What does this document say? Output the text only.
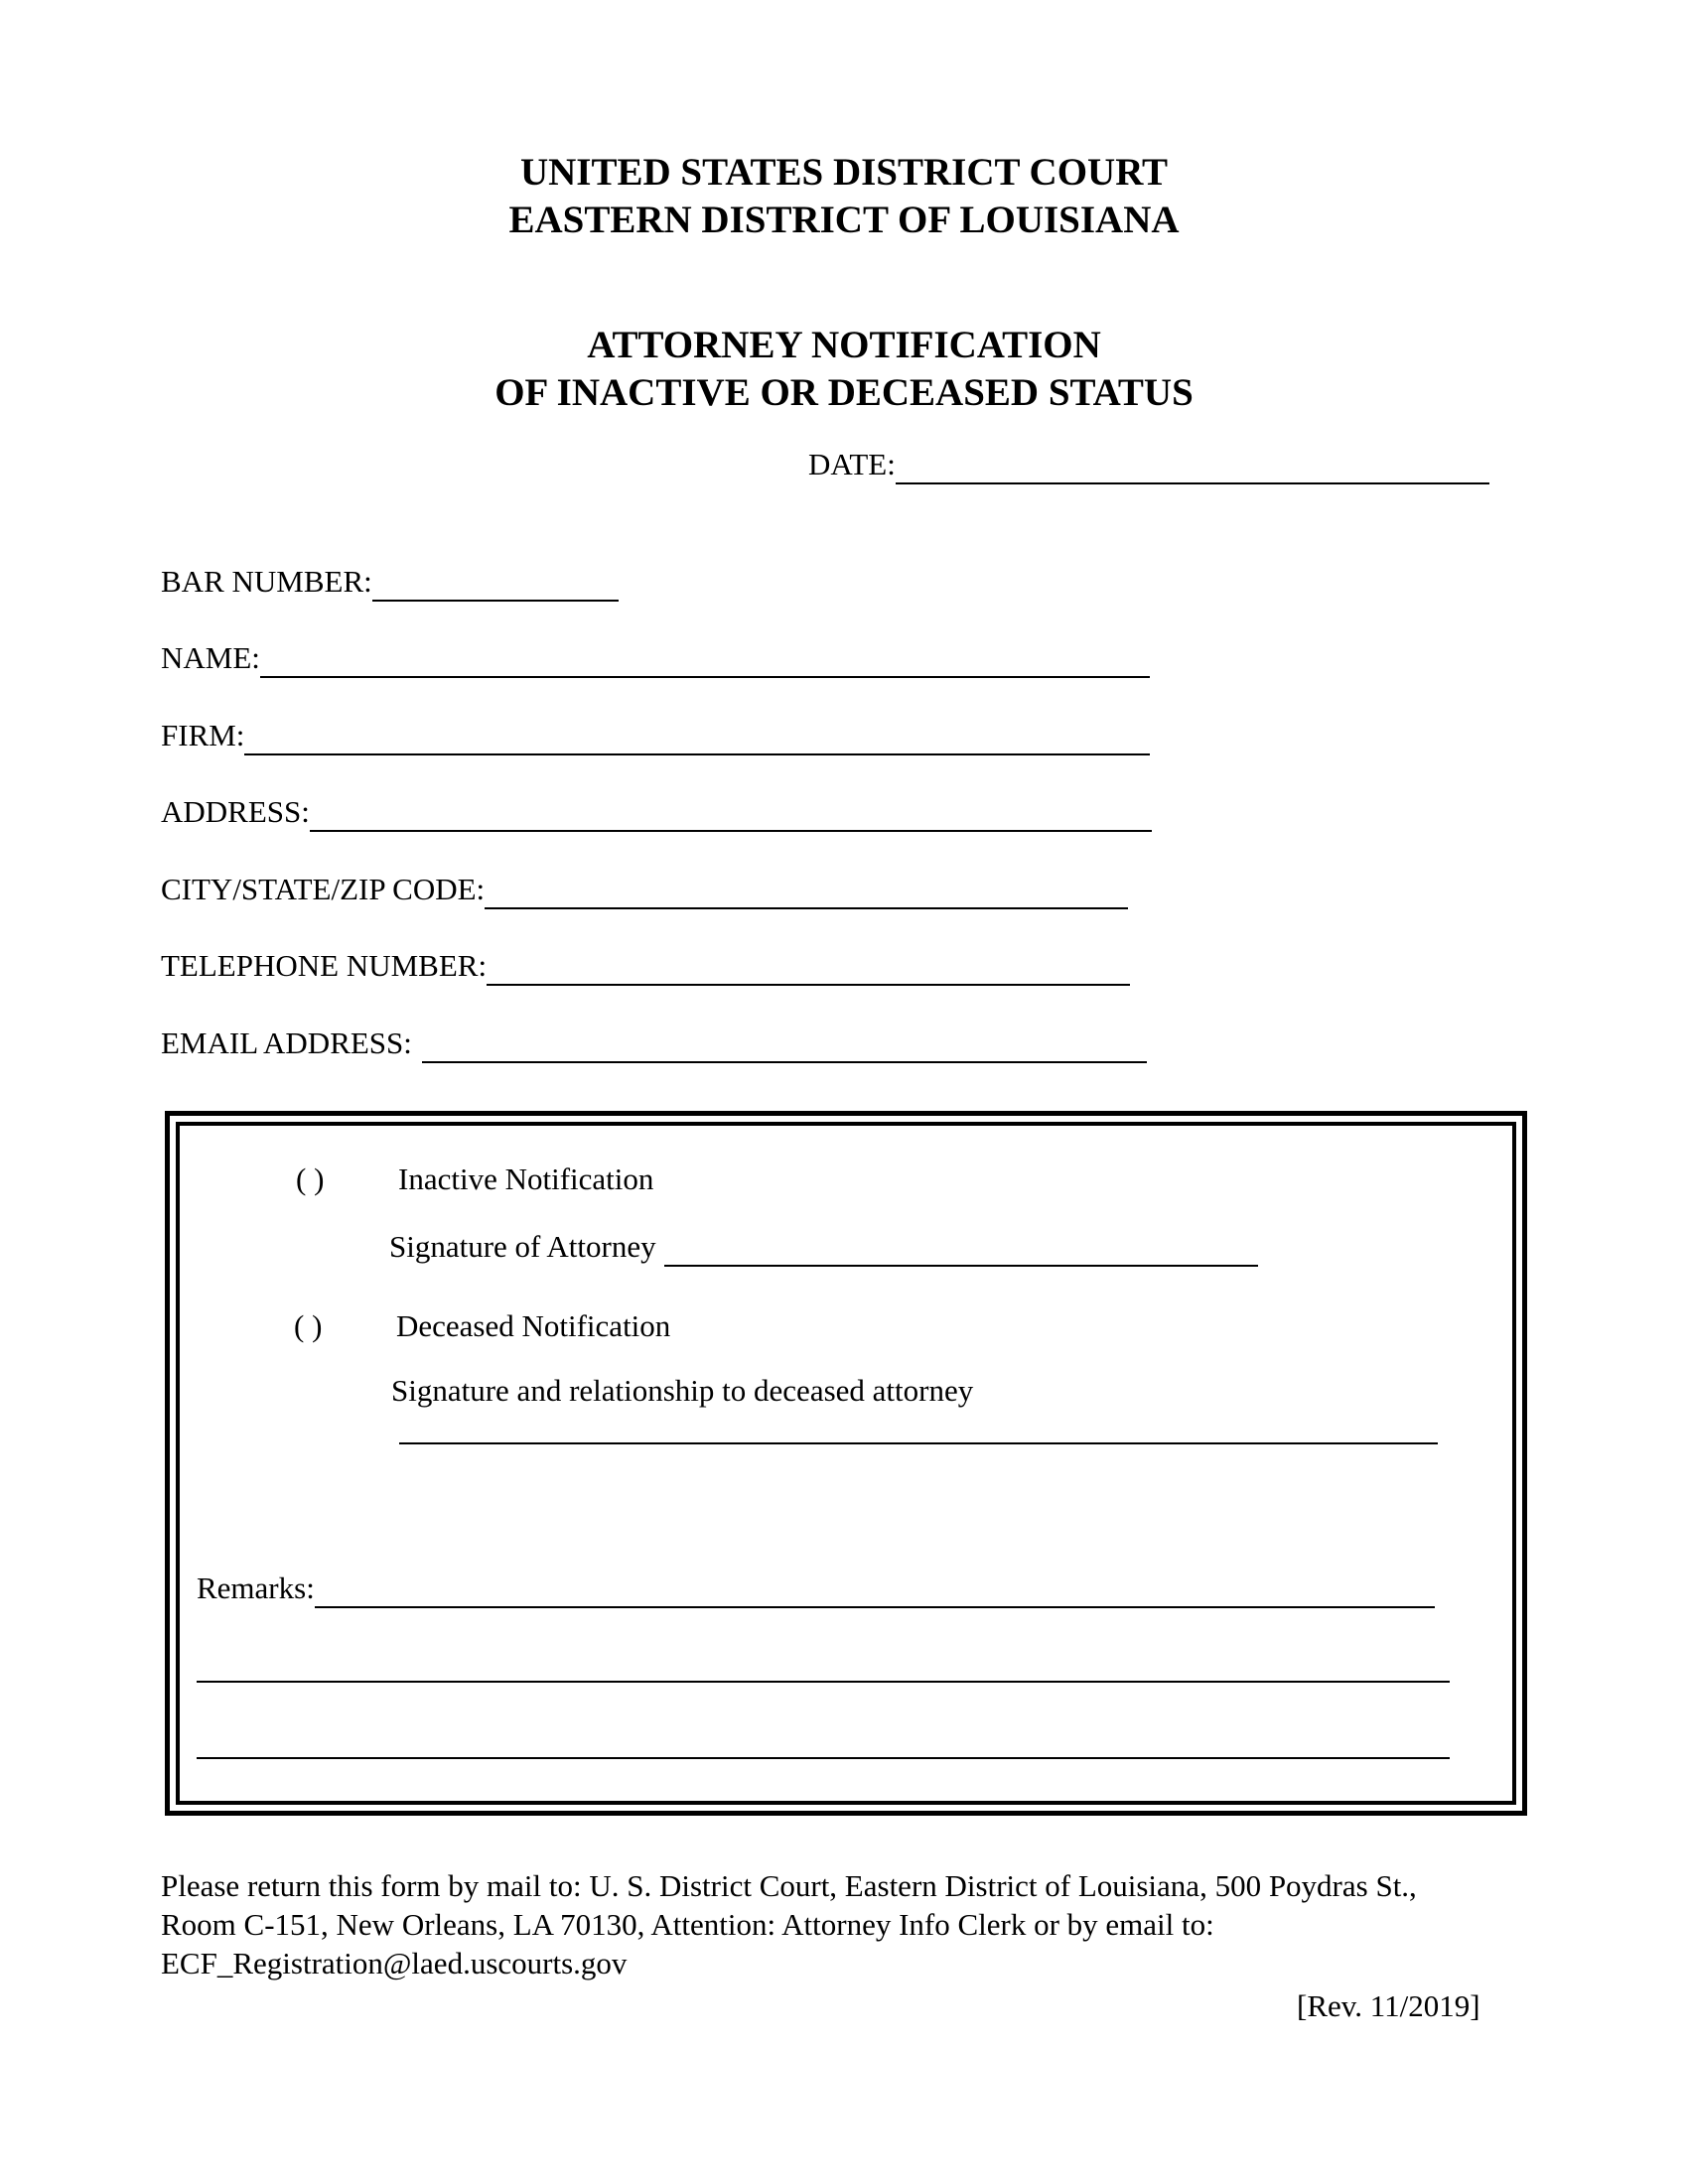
UNITED STATES DISTRICT COURT
EASTERN DISTRICT OF LOUISIANA
ATTORNEY NOTIFICATION
OF INACTIVE OR DECEASED STATUS
DATE:
BAR NUMBER:
NAME:
FIRM:
ADDRESS:
CITY/STATE/ZIP CODE:
TELEPHONE NUMBER:
EMAIL ADDRESS:
( ) Inactive Notification
Signature of Attorney
( ) Deceased Notification
Signature and relationship to deceased attorney
Remarks:
Please return this form by mail to: U. S. District Court, Eastern District of Louisiana, 500 Poydras St.,
Room C-151, New Orleans, LA 70130, Attention: Attorney Info Clerk or by email to:
ECF_Registration@laed.uscourts.gov
[Rev. 11/2019]
